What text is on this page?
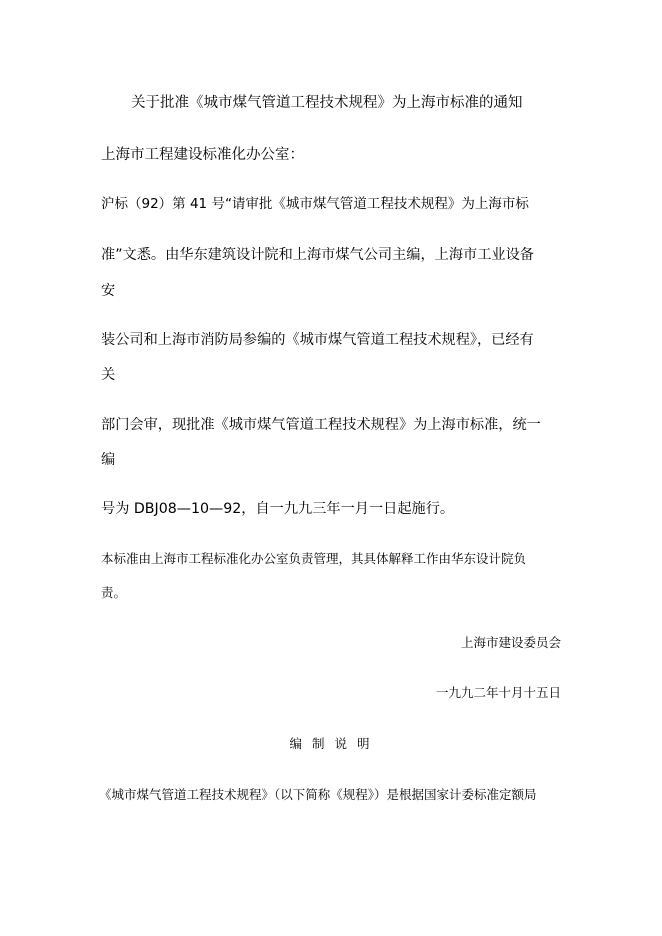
关于批准《城市煤气管道工程技术规程》为上海市标准的通知
上海市工程建设标准化办公室：
沪标（92）第 41 号“请审批《城市煤气管道工程技术规程》为上海市标
准”文悉。由华东建筑设计院和上海市煤气公司主编，上海市工业设备
安
装公司和上海市消防局参编的《城市煤气管道工程技术规程》，已经有
关
部门会审，现批准《城市煤气管道工程技术规程》为上海市标准，统一
编
号为 DBJ08—10—92，自一九九三年一月一日起施行。
本标准由上海市工程标准化办公室负责管理，其具体解释工作由华东设计院负
责。
上海市建设委员会
一九九二年十月十五日
编 制 说 明
《城市煤气管道工程技术规程》（以下简称《规程》）是根据国家计委标准定额局
